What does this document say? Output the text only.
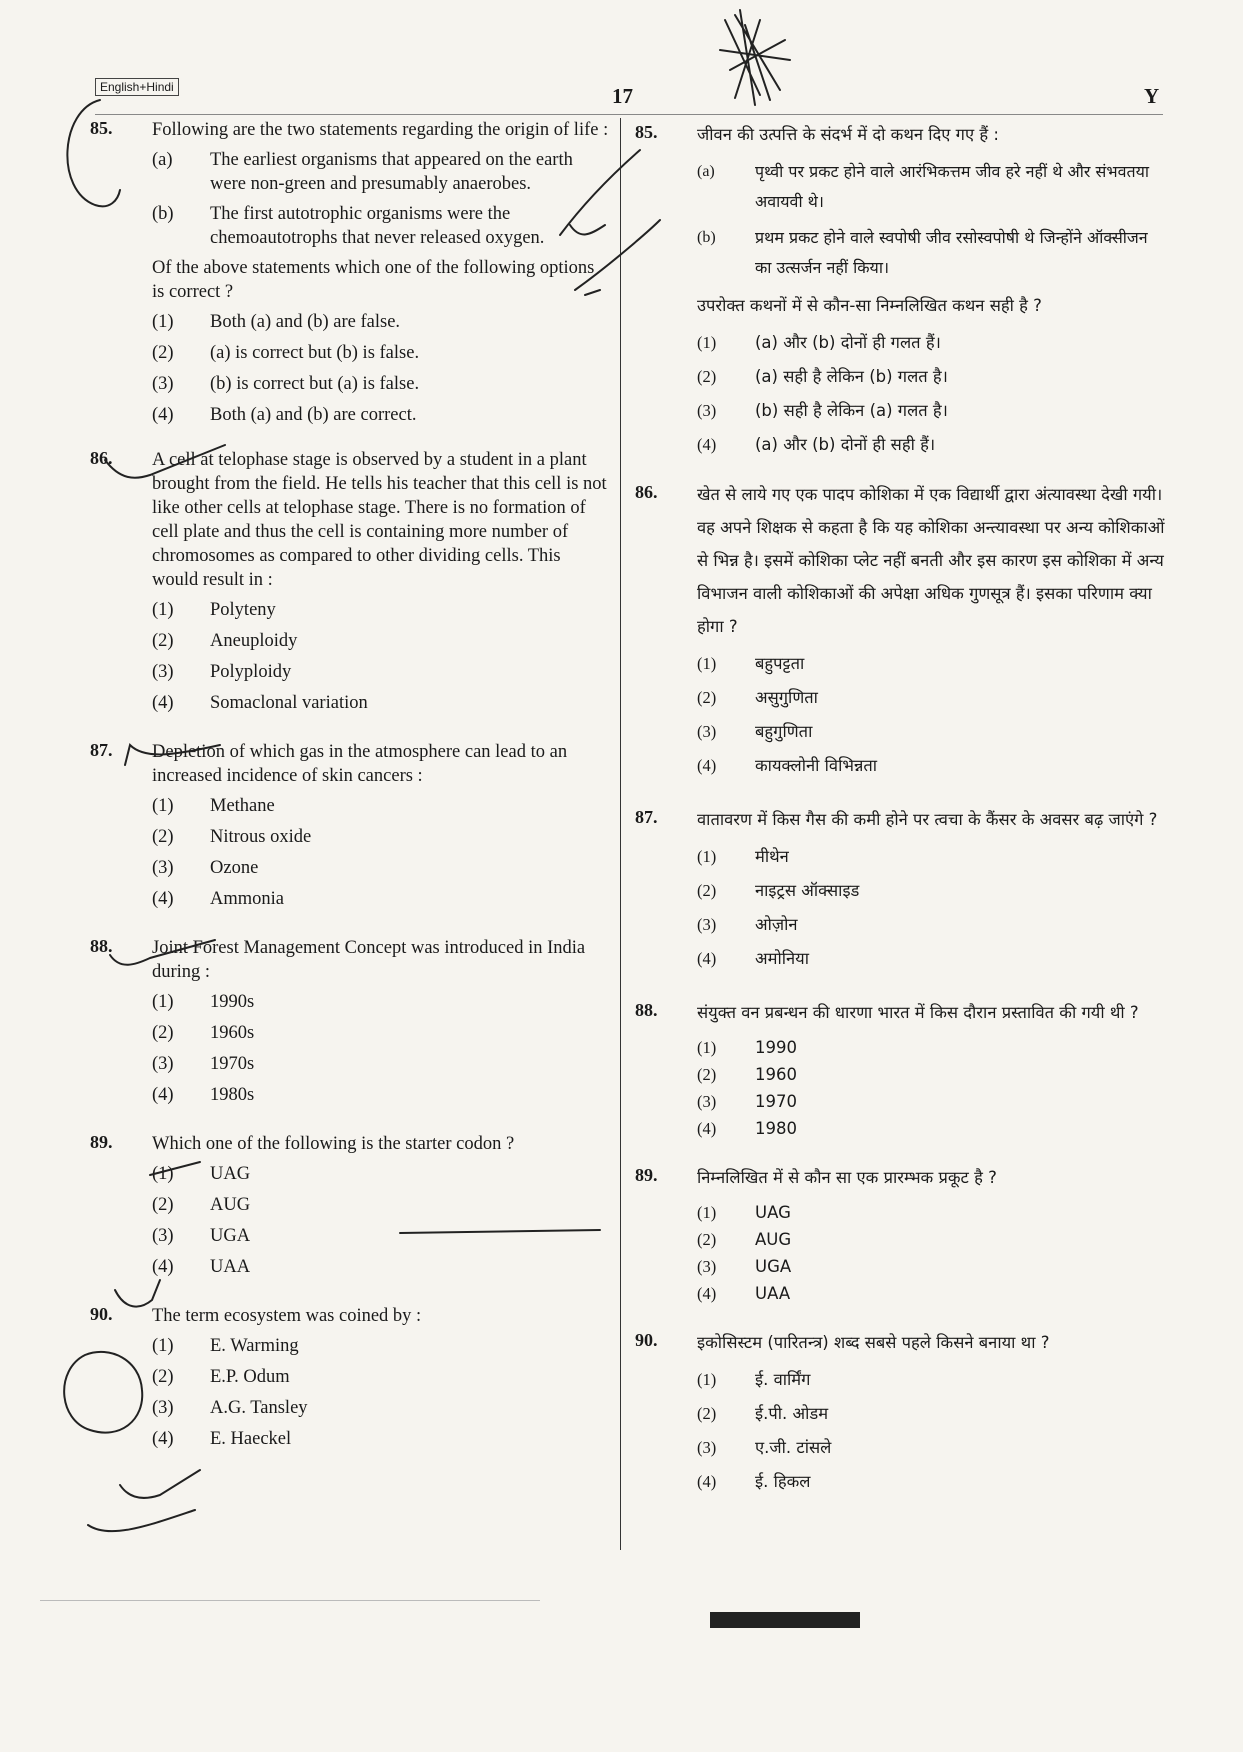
English+Hindi	17	Y
85. Following are the two statements regarding the origin of life :

(a) The earliest organisms that appeared on the earth were non-green and presumably anaerobes.
(b) The first autotrophic organisms were the chemoautotrophs that never released oxygen.

Of the above statements which one of the following options is correct ?

(1) Both (a) and (b) are false.
(2) (a) is correct but (b) is false.
(3) (b) is correct but (a) is false.
(4) Both (a) and (b) are correct.
86. A cell at telophase stage is observed by a student in a plant brought from the field. He tells his teacher that this cell is not like other cells at telophase stage. There is no formation of cell plate and thus the cell is containing more number of chromosomes as compared to other dividing cells. This would result in :

(1) Polyteny
(2) Aneuploidy
(3) Polyploidy
(4) Somaclonal variation
87. Depletion of which gas in the atmosphere can lead to an increased incidence of skin cancers :

(1) Methane
(2) Nitrous oxide
(3) Ozone
(4) Ammonia
88. Joint Forest Management Concept was introduced in India during :

(1) 1990s
(2) 1960s
(3) 1970s
(4) 1980s
89. Which one of the following is the starter codon ?

(1) UAG
(2) AUG
(3) UGA
(4) UAA
90. The term ecosystem was coined by :

(1) E. Warming
(2) E.P. Odum
(3) A.G. Tansley
(4) E. Haeckel
85. जीवन की उत्पत्ति के संदर्भ में दो कथन दिए गए हैं :

(a)	पृथ्वी पर प्रकट होने वाले आरंभिकत्तम जीव हरे नहीं थे और संभवतया अवायवी थे।
(b) प्रथम प्रकट होने वाले स्वपोषी जीव रसोस्वपोषी थे जिन्होंने ऑक्सीजन का उत्सर्जन नहीं किया।

उपरोक्त कथनों में से कौन-सा निम्नलिखित कथन सही है ?

(1) (a) और (b) दोनों ही गलत हैं।
(2) (a) सही है लेकिन (b) गलत है।
(3) (b) सही है लेकिन (a) गलत है।
(4) (a) और (b) दोनों ही सही हैं।
86. खेत से लाये गए एक पादप कोशिका में एक विद्यार्थी द्वारा अंत्यावस्था देखी गयी। वह अपने शिक्षक से कहता है कि यह कोशिका अन्त्यावस्था पर अन्य कोशिकाओं से भिन्न है। इसमें कोशिका प्लेट नहीं बनती और इस कारण इस कोशिका में अन्य विभाजन वाली कोशिकाओं की अपेक्षा अधिक गुणसूत्र हैं। इसका परिणाम क्या होगा ?

(1) बहुपट्टता
(2) असुगुणिता
(3) बहुगुणिता
(4) कायक्लोनी विभिन्नता
87. वातावरण में किस गैस की कमी होने पर त्वचा के कैंसर के अवसर बढ़ जाएंगे ?

(1) मीथेन
(2) नाइट्रस ऑक्साइड
(3) ओज़ोन
(4) अमोनिया
88. संयुक्त वन प्रबन्धन की धारणा भारत में किस दौरान प्रस्तावित की गयी थी ?

(1) 1990
(2) 1960
(3) 1970
(4) 1980
89. निम्नलिखित में से कौन सा एक प्रारम्भक प्रकूट है ?

(1) UAG
(2) AUG
(3) UGA
(4) UAA
90. इकोसिस्टम (पारितन्त्र) शब्द सबसे पहले किसने बनाया था ?

(1) ई. वार्मिंग
(2) ई.पी. ओडम
(3) ए.जी. टांसले
(4) ई. हिकल
